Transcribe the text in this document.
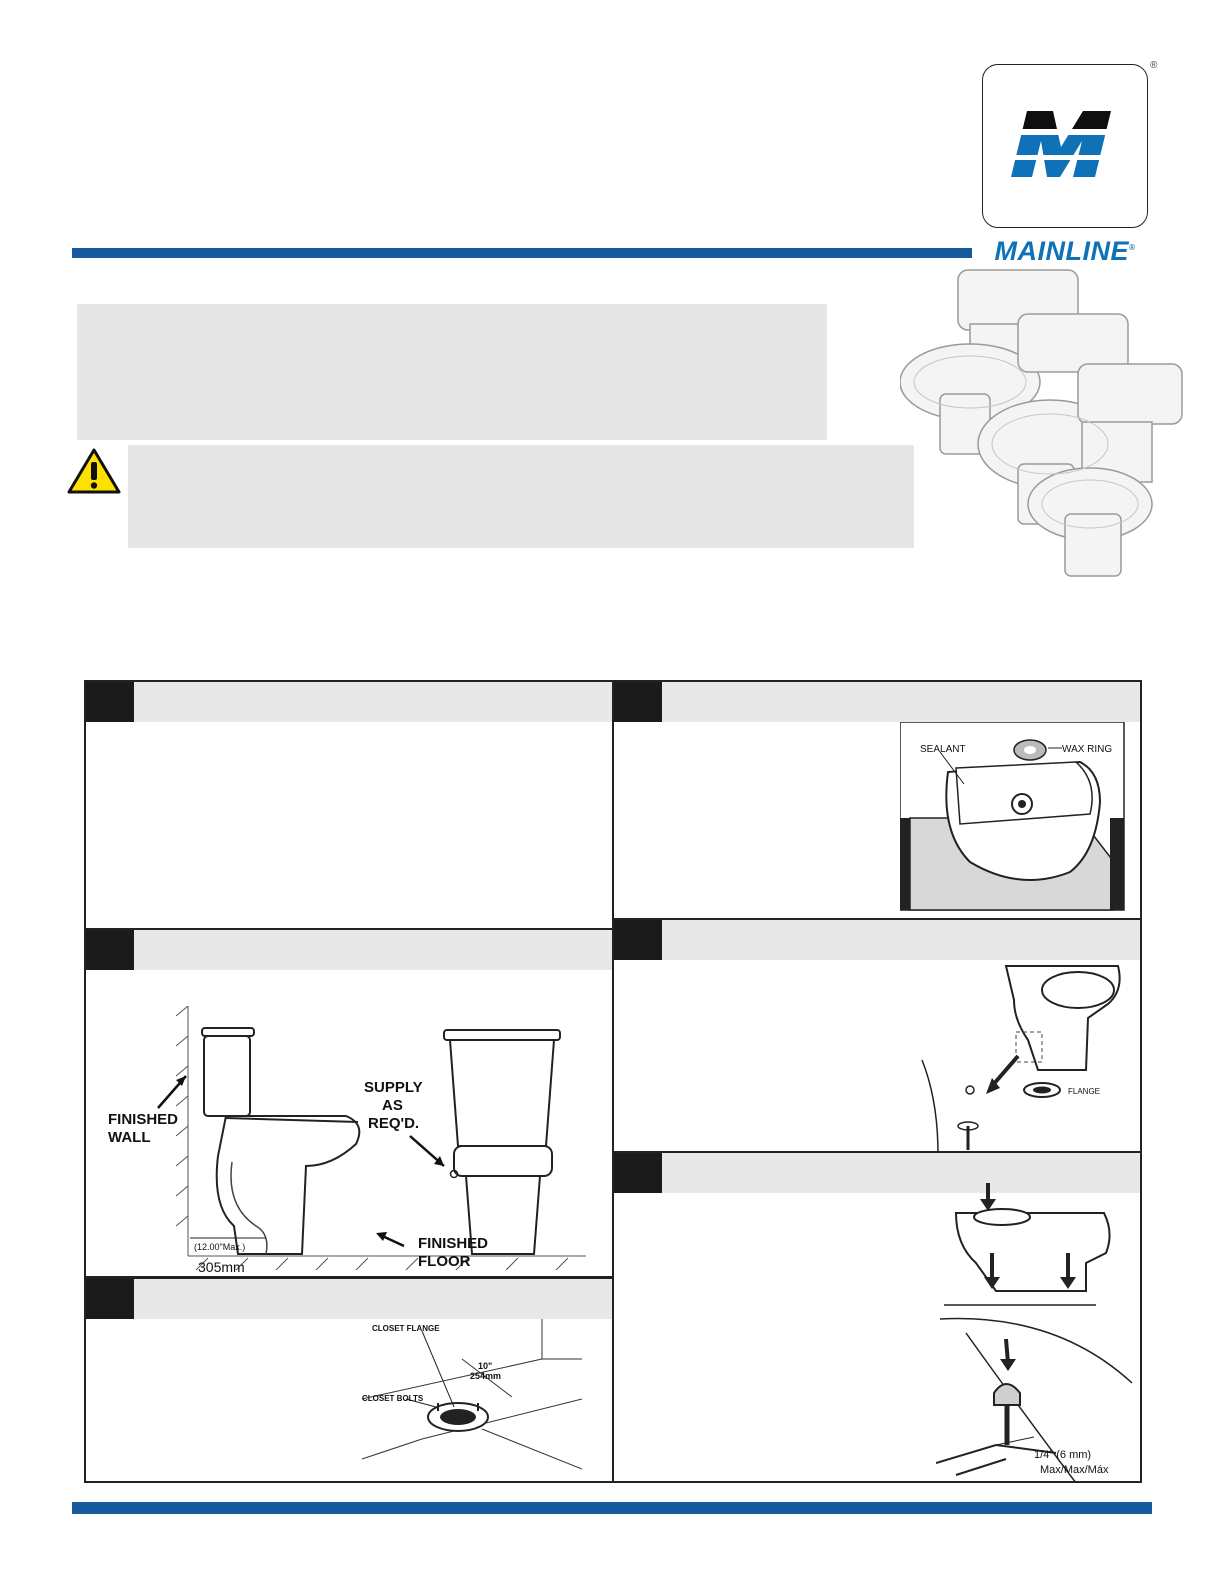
®
MAINLINE®
(12.00"Max.)
305mm
FINISHED
WALL
SUPPLY
AS
REQ'D.
FINISHED
FLOOR
CLOSET FLANGE
CLOSET BOLTS
10"
254mm
SEALANT	WAX RING
FLANGE
1/4" (6 mm)
Max/Max/Máx
